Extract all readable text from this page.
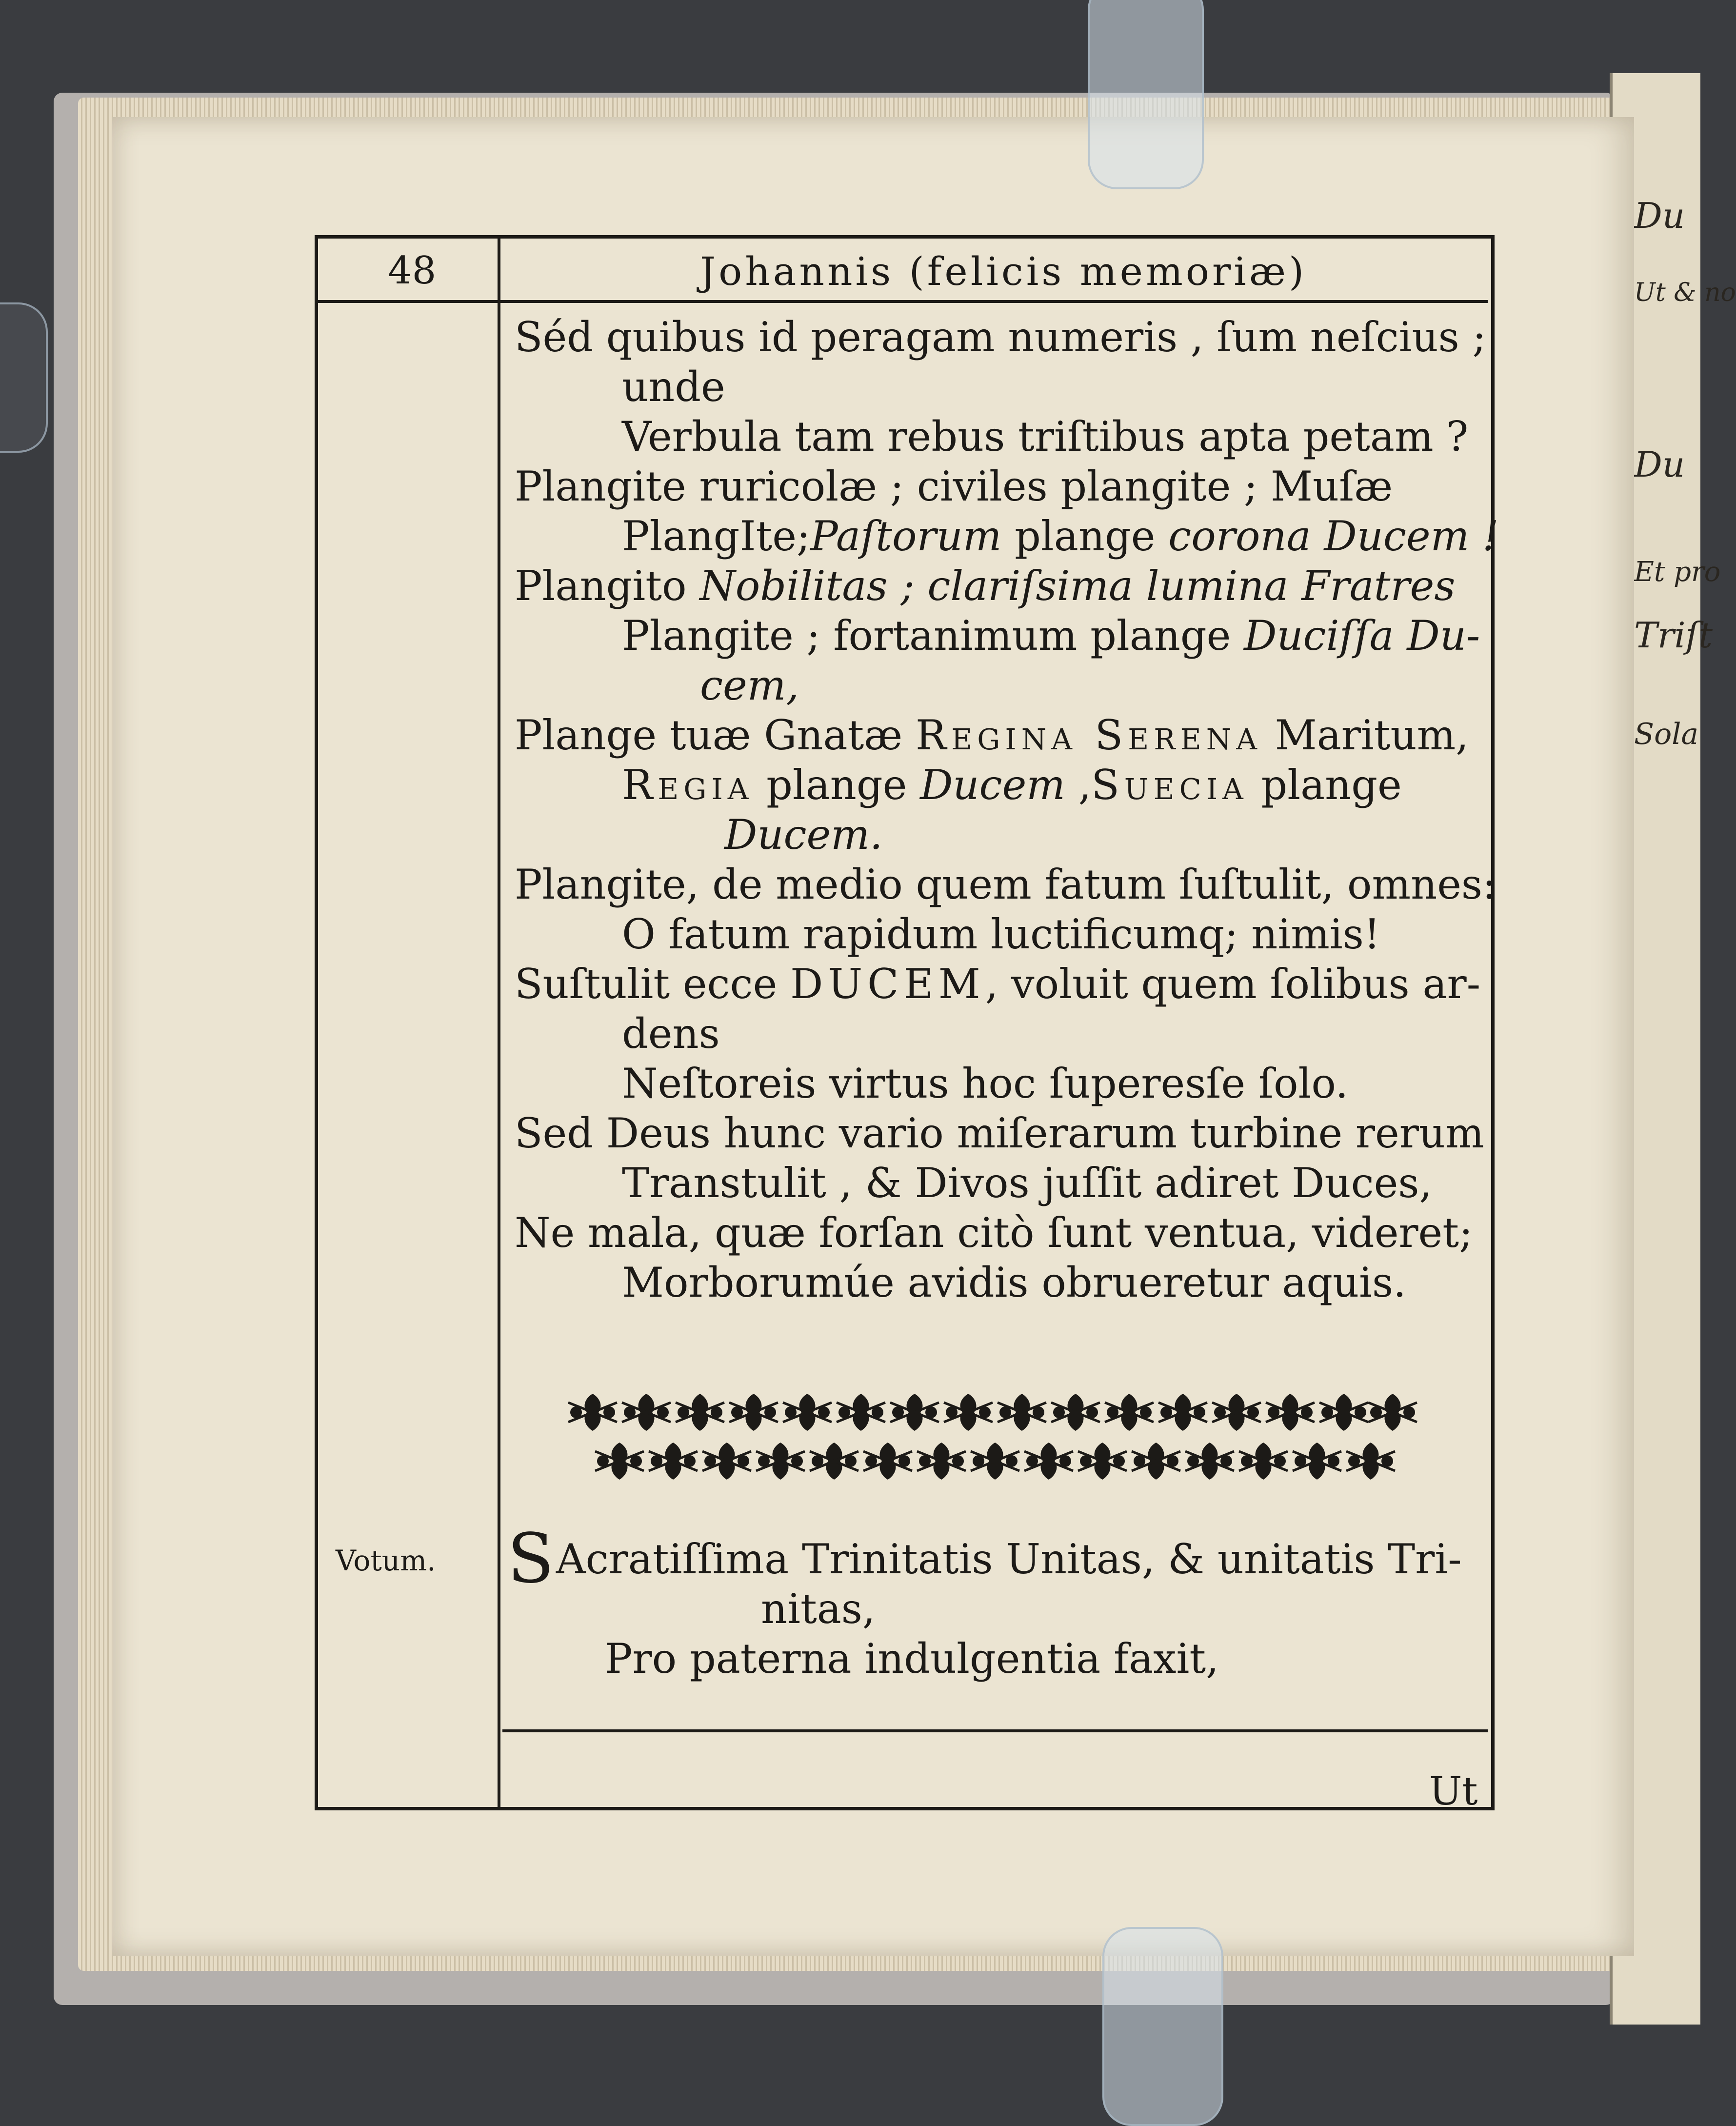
Du
Ut & no
Du
Et pro
Triſt
Sola
48	Johannis (felicis memoriæ)
Séd quibus id peragam numeris , ſum neſcius ;
unde
Verbula tam rebus triſtibus apta petam ?
Plangite ruricolæ ; civiles plangite ; Muſæ
PlangIte;Paſtorum plange corona Ducem !
Plangito Nobilitas ; clariſsima lumina Fratres
Plangite ; fortanimum plange Duciſſa Du-
cem,
Plange tuæ Gnatæ Regina Serena Maritum,
Regia plange Ducem ,Suecia plange
Ducem.
Plangite, de medio quem fatum ſuſtulit, omnes:
O fatum rapidum luctificumq; nimis!
Suſtulit ecce DUCEM, voluit quem ſolibus ar-
dens
Neſtoreis virtus hoc ſuperesſe ſolo.
Sed Deus hunc vario miſerarum turbine rerum
Transtulit , & Divos juſſit adiret Duces,
Ne mala, quæ forſan citò ſunt ventua, videret;
Morborumúe avidis obrueretur aquis.
Votum. SAcratiſſima Trinitatis Unitas, & unitatis Tri-
nitas,
Pro paterna indulgentia faxit,
Ut
